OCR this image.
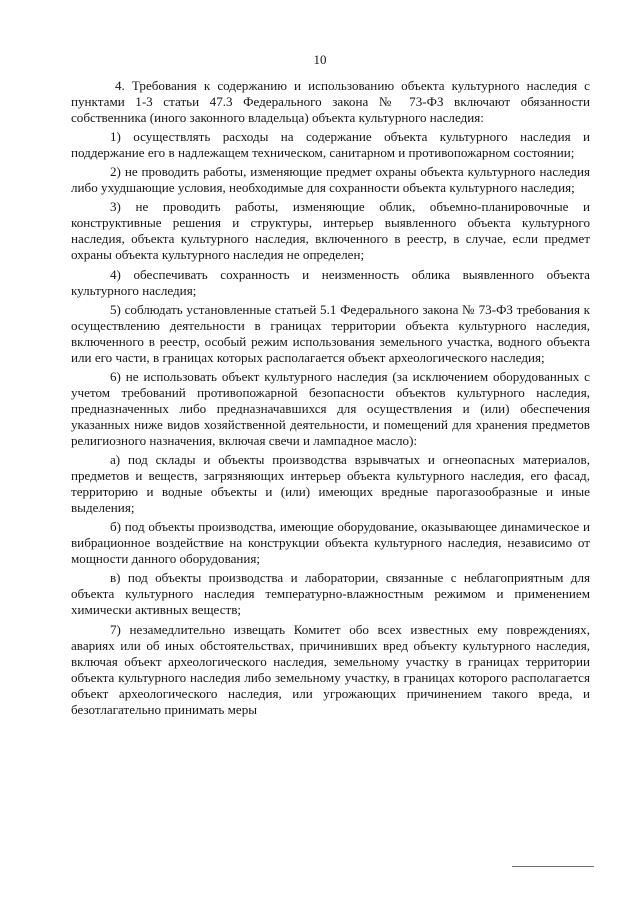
10

4. Требования к содержанию и использованию объекта культурного наследия с пунктами 1-3 статьи 47.3 Федерального закона № 73-ФЗ включают обязанности собственника (иного законного владельца) объекта культурного наследия:

1) осуществлять расходы на содержание объекта культурного наследия и поддержание его в надлежащем техническом, санитарном и противопожарном состоянии;

2) не проводить работы, изменяющие предмет охраны объекта культурного наследия либо ухудшающие условия, необходимые для сохранности объекта культурного наследия;

3) не проводить работы, изменяющие облик, объемно-планировочные и конструктивные решения и структуры, интерьер выявленного объекта культурного наследия, объекта культурного наследия, включенного в реестр, в случае, если предмет охраны объекта культурного наследия не определен;

4) обеспечивать сохранность и неизменность облика выявленного объекта культурного наследия;

5) соблюдать установленные статьей 5.1 Федерального закона № 73-ФЗ требования к осуществлению деятельности в границах территории объекта культурного наследия, включенного в реестр, особый режим использования земельного участка, водного объекта или его части, в границах которых располагается объект археологического наследия;

6) не использовать объект культурного наследия (за исключением оборудованных с учетом требований противопожарной безопасности объектов культурного наследия, предназначенных либо предназначавшихся для осуществления и (или) обеспечения указанных ниже видов хозяйственной деятельности, и помещений для хранения предметов религиозного назначения, включая свечи и лампадное масло):

а) под склады и объекты производства взрывчатых и огнеопасных материалов, предметов и веществ, загрязняющих интерьер объекта культурного наследия, его фасад, территорию и водные объекты и (или) имеющих вредные парогазообразные и иные выделения;

б) под объекты производства, имеющие оборудование, оказывающее динамическое и вибрационное воздействие на конструкции объекта культурного наследия, независимо от мощности данного оборудования;

в) под объекты производства и лаборатории, связанные с неблагоприятным для объекта культурного наследия температурно-влажностным режимом и применением химически активных веществ;

7) незамедлительно извещать Комитет обо всех известных ему повреждениях, авариях или об иных обстоятельствах, причинивших вред объекту культурного наследия, включая объект археологического наследия, земельному участку в границах территории объекта культурного наследия либо земельному участку, в границах которого располагается объект археологического наследия, или угрожающих причинением такого вреда, и безотлагательно принимать меры
